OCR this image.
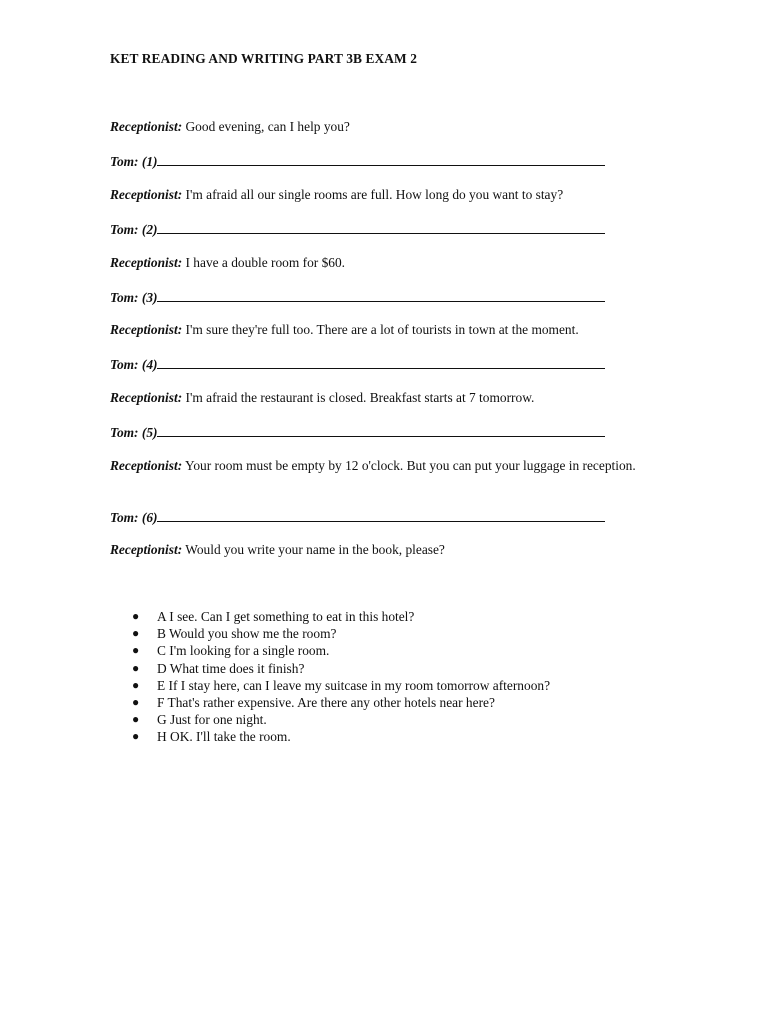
KET READING AND WRITING PART 3B EXAM 2
Receptionist: Good evening, can I help you?
Tom: (1)
Receptionist: I'm afraid all our single rooms are full. How long do you want to stay?
Tom: (2)
Receptionist: I have a double room for $60.
Tom: (3)
Receptionist: I'm sure they're full too. There are a lot of tourists in town at the moment.
Tom: (4)
Receptionist: I'm afraid the restaurant is closed. Breakfast starts at 7 tomorrow.
Tom: (5)
Receptionist: Your room must be empty by 12 o'clock. But you can put your luggage in reception.
Tom: (6)
Receptionist: Would you write your name in the book, please?
● A I see. Can I get something to eat in this hotel?
● B Would you show me the room?
● C I'm looking for a single room.
● D What time does it finish?
● E If I stay here, can I leave my suitcase in my room tomorrow afternoon?
● F That's rather expensive. Are there any other hotels near here?
● G Just for one night.
● H OK. I'll take the room.
